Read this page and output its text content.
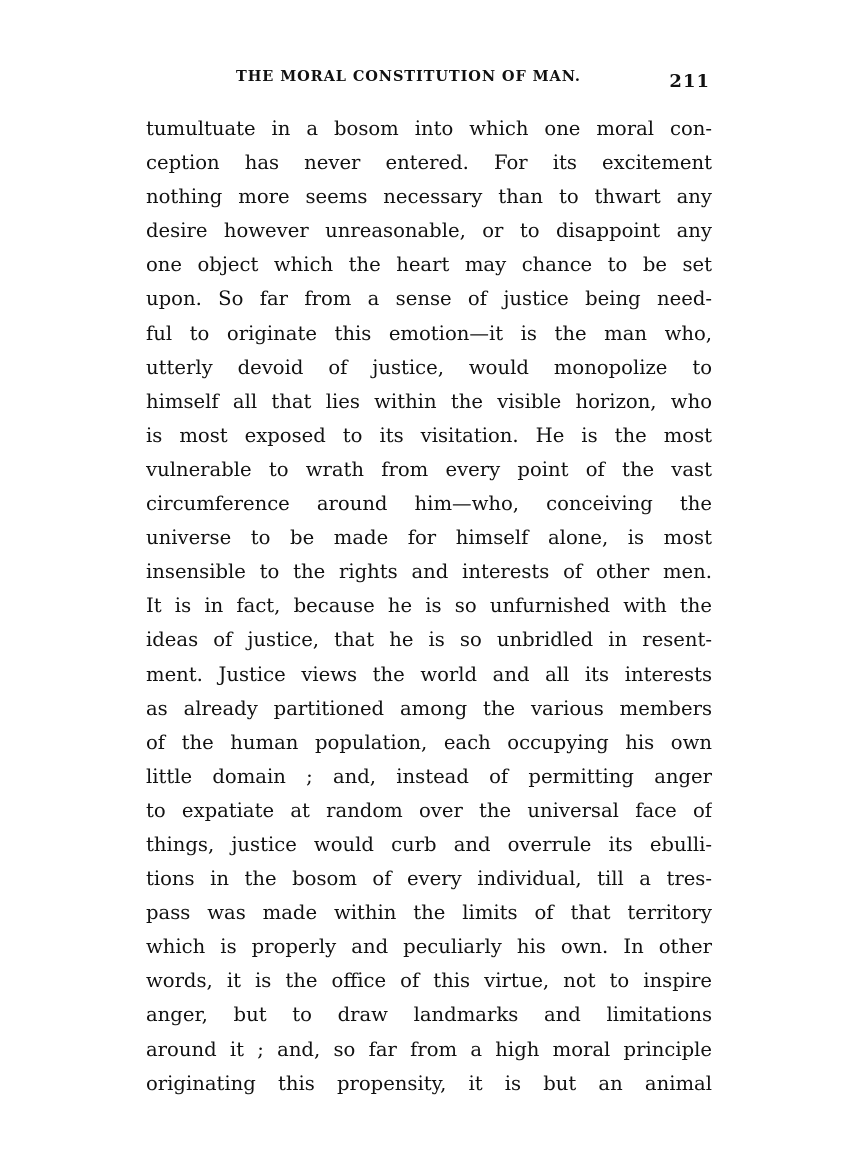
THE MORAL CONSTITUTION OF MAN.	211
tumultuate in a bosom into which one moral con-
ception has never entered. For its excitement
nothing more seems necessary than to thwart any
desire however unreasonable, or to disappoint any
one object which the heart may chance to be set
upon. So far from a sense of justice being need-
ful to originate this emotion—it is the man who,
utterly devoid of justice, would monopolize to
himself all that lies within the visible horizon, who
is most exposed to its visitation. He is the most
vulnerable to wrath from every point of the vast
circumference around him—who, conceiving the
universe to be made for himself alone, is most
insensible to the rights and interests of other men.
It is in fact, because he is so unfurnished with the
ideas of justice, that he is so unbridled in resent-
ment. Justice views the world and all its interests
as already partitioned among the various members
of the human population, each occupying his own
little domain ; and, instead of permitting anger
to expatiate at random over the universal face of
things, justice would curb and overrule its ebulli-
tions in the bosom of every individual, till a tres-
pass was made within the limits of that territory
which is properly and peculiarly his own. In other
words, it is the office of this virtue, not to inspire
anger, but to draw landmarks and limitations
around it ; and, so far from a high moral principle
originating this propensity, it is but an animal
